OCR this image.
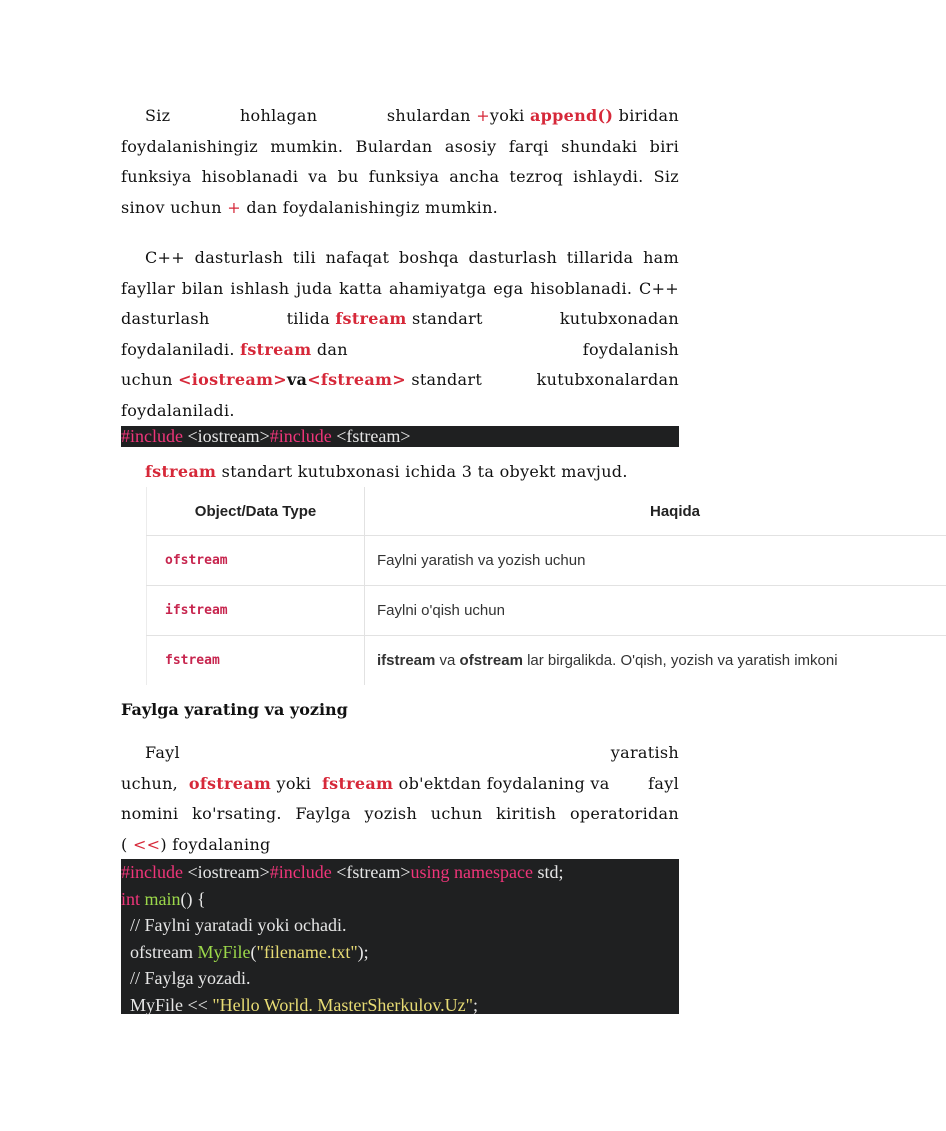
Siz	hohlagan	shulardan +yoki append() biridan
foydalanishingiz mumkin. Bulardan asosiy farqi shundaki biri
funksiya hisoblanadi va bu funksiya ancha tezroq ishlaydi. Siz
sinov uchun + dan foydalanishingiz mumkin.
C++ dasturlash tili nafaqat boshqa dasturlash tillarida ham
fayllar bilan ishlash juda katta ahamiyatga ega hisoblanadi. C++
dasturlash	tilida fstream standart	kutubxonadan
foydalaniladi. fstream dan	foydalanish
uchun <iostream>va<fstream> standart	kutubxonalardan
foydalaniladi.
#include <iostream>#include <fstream>
fstream standart kutubxonasi ichida 3 ta obyekt mavjud.
Object/Data Type	Haqida
ofstream	Faylni yaratish va yozish uchun
ifstream	Faylni o'qish uchun
fstream	ifstream va ofstream lar birgalikda. O'qish, yozish va yaratish imkoni
Faylga yarating va yozing
Fayl	yaratish
uchun, ofstream yoki fstream ob'ektdan foydalaning va fayl
nomini ko'rsating. Faylga yozish uchun kiritish operatoridan
( <<) foydalaning
#include <iostream>#include <fstream>using namespace std;
int main() {
// Faylni yaratadi yoki ochadi.
ofstream MyFile("filename.txt");
// Faylga yozadi.
MyFile << "Hello World. MasterSherkulov.Uz";
